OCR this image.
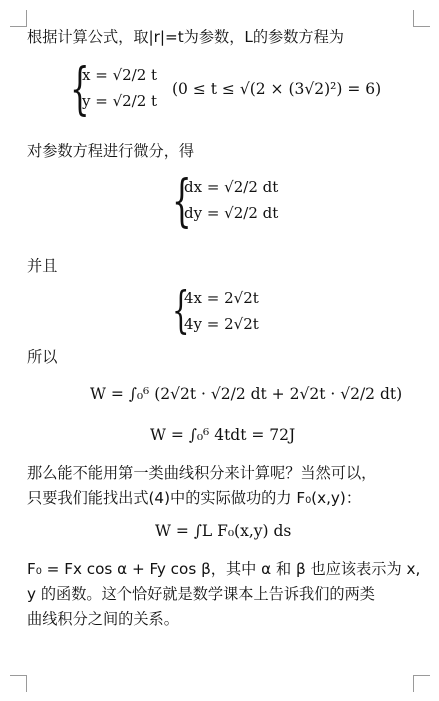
根据计算公式，取|r|=t为参数，L的参数方程为
{
x = √2/2 t
y = √2/2 t
(0 ≤ t ≤ √(2 × (3√2)²) = 6)
对参数方程进行微分，得
{
dx = √2/2 dt
dy = √2/2 dt
并且
{
4x = 2√2t
4y = 2√2t
所以
W = ∫₀⁶ (2√2t · √2/2 dt + 2√2t · √2/2 dt)
W = ∫₀⁶ 4tdt = 72J
那么能不能用第一类曲线积分来计算呢？当然可以，
只要我们能找出式(4)中的实际做功的力 F₀(x,y)：
W = ∫L F₀(x,y) ds
F₀ = Fx cos α + Fy cos β，其中 α 和 β 也应该表示为 x,
y 的函数。这个恰好就是数学课本上告诉我们的两类
曲线积分之间的关系。
